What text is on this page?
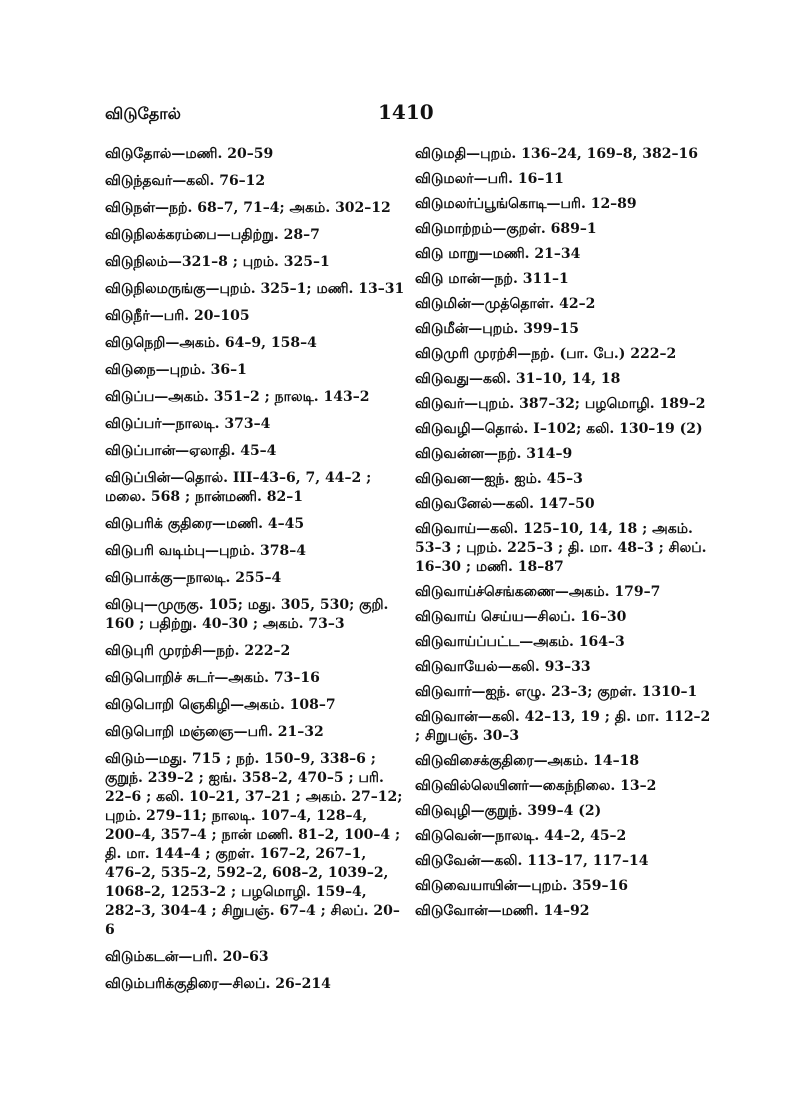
விடுதோல்	1410
விடுதோல்—மணி. 20–59
விடுந்தவர்—கலி. 76–12
விடுநள்—நற். 68–7, 71–4; அகம். 302–12
விடுநிலக்கரம்பை—பதிற்று. 28–7
விடுநிலம்—321–8 ; புறம். 325–1
விடுநிலமருங்கு—புறம். 325–1; மணி. 13–31
விடுநீர்—பரி. 20–105
விடுநெறி—அகம். 64–9, 158–4
விடுநை—புறம். 36–1
விடுப்ப—அகம். 351–2 ; நாலடி. 143–2
விடுப்பர்—நாலடி. 373–4
விடுப்பான்—ஏலாதி. 45–4
விடுப்பின்—தொல். III–43–6, 7, 44–2 ; மலை. 568 ; நான்மணி. 82–1
விடுபரிக் குதிரை—மணி. 4–45
விடுபரி வடிம்பு—புறம். 378–4
விடுபாக்கு—நாலடி. 255–4
விடுபு—முருகு. 105; மது. 305, 530; குறி. 160 ; பதிற்று. 40–30 ; அகம். 73–3
விடுபுரி முரற்சி—நற். 222–2
விடுபொறிச் சுடர்—அகம். 73–16
விடுபொறி ஞெகிழி—அகம். 108–7
விடுபொறி மஞ்ஞை—பரி. 21–32
விடும்—மது. 715 ; நற். 150–9, 338–6 ; குறுந். 239–2 ; ஐங். 358–2, 470–5 ; பரி. 22–6 ; கலி. 10–21, 37–21 ; அகம். 27–12; புறம். 279–11; நாலடி. 107–4, 128–4, 200–4, 357–4 ; நான் மணி. 81–2, 100–4 ; தி. மா. 144–4 ; குறள். 167–2, 267–1, 476–2, 535–2, 592–2, 608–2, 1039–2, 1068–2, 1253–2 ; பழமொழி. 159–4, 282–3, 304–4 ; சிறுபஞ். 67–4 ; சிலப். 20–6
விடும்கடன்—பரி. 20–63
விடும்பரிக்குதிரை—சிலப். 26–214
விடுமதி—புறம். 136–24, 169–8, 382–16
விடுமலர்—பரி. 16–11
விடுமலர்ப்பூங்கொடி—பரி. 12–89
விடுமாற்றம்—குறள். 689–1
விடு மாறு—மணி. 21–34
விடு மான்—நற். 311–1
விடுமின்—முத்தொள். 42–2
விடுமீன்—புறம். 399–15
விடுமுரி முரற்சி—நற். (பா. பே.) 222–2
விடுவது—கலி. 31–10, 14, 18
விடுவர்—புறம். 387–32; பழமொழி. 189–2
விடுவழி—தொல். I–102; கலி. 130–19 (2)
விடுவன்ன—நற். 314–9
விடுவன—ஐந். ஐம். 45–3
விடுவனேல்—கலி. 147–50
விடுவாய்—கலி. 125–10, 14, 18 ; அகம். 53–3 ; புறம். 225–3 ; தி. மா. 48–3 ; சிலப். 16–30 ; மணி. 18–87
விடுவாய்ச்செங்கணை—அகம். 179–7
விடுவாய் செய்ய—சிலப். 16–30
விடுவாய்ப்பட்ட—அகம். 164–3
விடுவாயேல்—கலி. 93–33
விடுவார்—ஐந். எழு. 23–3; குறள். 1310–1
விடுவான்—கலி. 42–13, 19 ; தி. மா. 112–2 ; சிறுபஞ். 30–3
விடுவிசைக்குதிரை—அகம். 14–18
விடுவில்லெயினர்—கைந்நிலை. 13–2
விடுவுழி—குறுந். 399–4 (2)
விடுவென்—நாலடி. 44–2, 45–2
விடுவேன்—கலி. 113–17, 117–14
விடுவையாயின்—புறம். 359–16
விடுவோன்—மணி. 14–92
